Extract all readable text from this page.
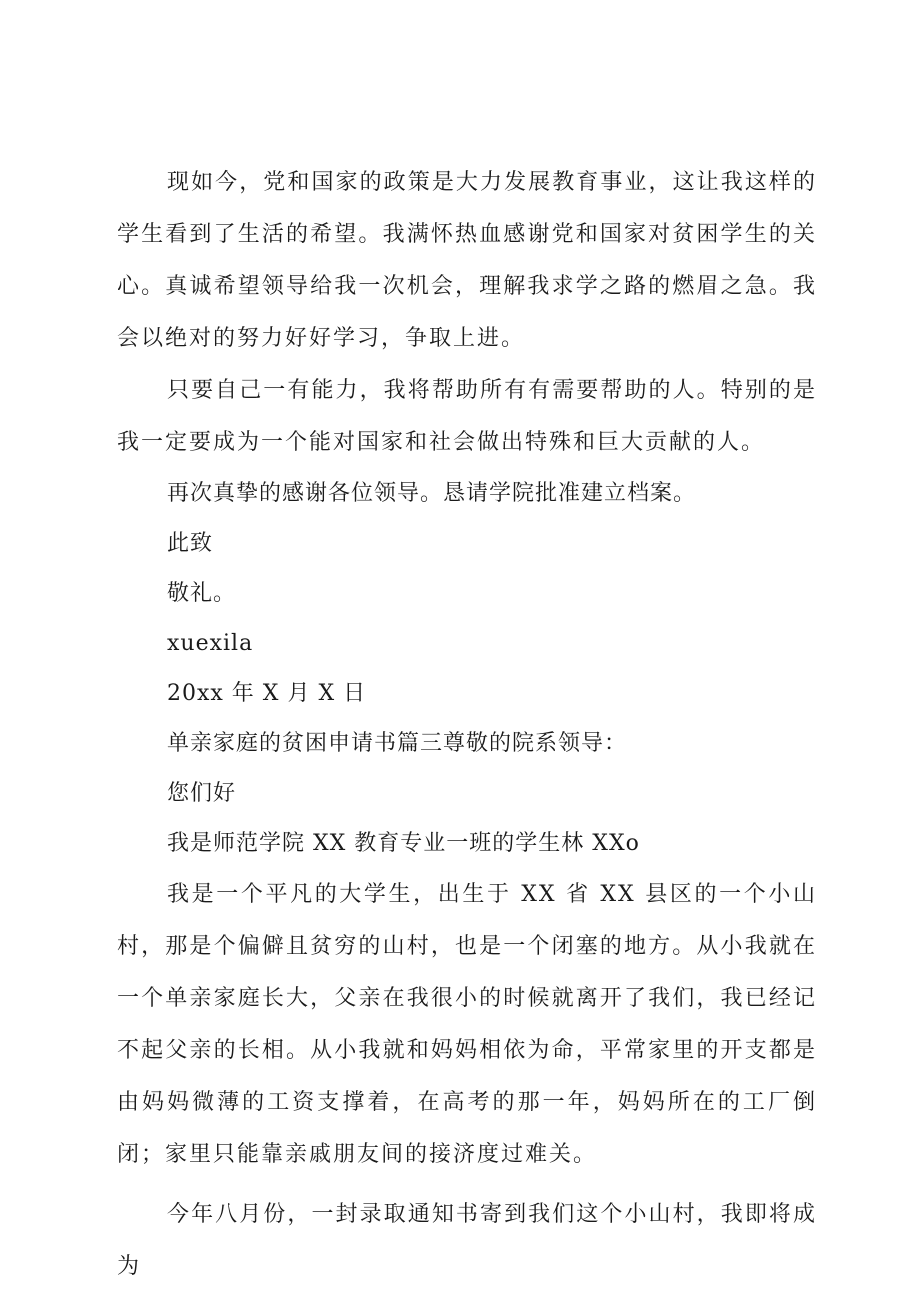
现如今，党和国家的政策是大力发展教育事业，这让我这样的学生看到了生活的希望。我满怀热血感谢党和国家对贫困学生的关心。真诚希望领导给我一次机会，理解我求学之路的燃眉之急。我会以绝对的努力好好学习，争取上进。

只要自己一有能力，我将帮助所有有需要帮助的人。特别的是我一定要成为一个能对国家和社会做出特殊和巨大贡献的人。

再次真挚的感谢各位领导。恳请学院批准建立档案。

此致

敬礼。

xuexila

20xx 年 X 月 X 日

单亲家庭的贫困申请书篇三尊敬的院系领导：

您们好

我是师范学院 XX 教育专业一班的学生林 XXo

我是一个平凡的大学生，出生于 XX 省 XX 县区的一个小山村，那是个偏僻且贫穷的山村，也是一个闭塞的地方。从小我就在一个单亲家庭长大，父亲在我很小的时候就离开了我们，我已经记不起父亲的长相。从小我就和妈妈相依为命，平常家里的开支都是由妈妈微薄的工资支撑着，在高考的那一年，妈妈所在的工厂倒闭；家里只能靠亲戚朋友间的接济度过难关。

今年八月份，一封录取通知书寄到我们这个小山村，我即将成为
